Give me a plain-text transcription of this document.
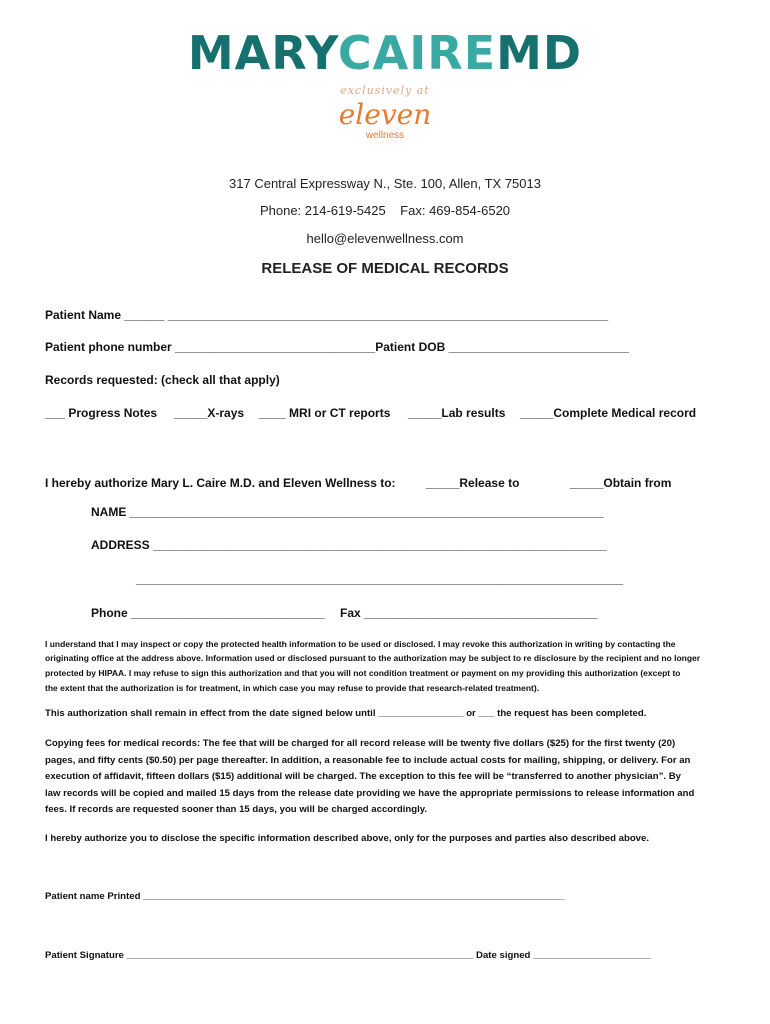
MARYCAIREMD
exclusively at
eleven
wellness
317 Central Expressway N., Ste. 100, Allen, TX 75013
Phone: 214-619-5425    Fax: 469-854-6520
hello@elevenwellness.com
RELEASE OF MEDICAL RECORDS
Patient Name ______ __________________________________________________________________
Patient phone number ______________________________Patient DOB ___________________________
Records requested: (check all that apply)
___ Progress Notes _____X-rays ____ MRI or CT reports _____Lab results _____Complete Medical record
I hereby authorize Mary L. Caire M.D. and Eleven Wellness to:	_____Release to	_____Obtain from
NAME _______________________________________________________________________
ADDRESS ____________________________________________________________________
_________________________________________________________________________
Phone _____________________________ Fax ___________________________________
I understand that I may inspect or copy the protected health information to be used or disclosed. I may revoke this authorization in writing by contacting the
originating office at the address above. Information used or disclosed pursuant to the authorization may be subject to re disclosure by the recipient and no longer
protected by HIPAA. I may refuse to sign this authorization and that you will not condition treatment or payment on my providing this authorization (except to
the extent that the authorization is for treatment, in which case you may refuse to provide that research-related treatment).
This authorization shall remain in effect from the date signed below until ________________ or ___ the request has been completed.
Copying fees for medical records: The fee that will be charged for all record release will be twenty five dollars ($25) for the first twenty (20)
pages, and fifty cents ($0.50) per page thereafter. In addition, a reasonable fee to include actual costs for mailing, shipping, or delivery. For an
execution of affidavit, fifteen dollars ($15) additional will be charged. The exception to this fee will be “transferred to another physician”. By
law records will be copied and mailed 15 days from the release date providing we have the appropriate permissions to release information and
fees. If records are requested sooner than 15 days, you will be charged accordingly.
I hereby authorize you to disclose the specific information described above, only for the purposes and parties also described above.
Patient name Printed _______________________________________________________________________________
Patient Signature _________________________________________________________________ Date signed ______________________
